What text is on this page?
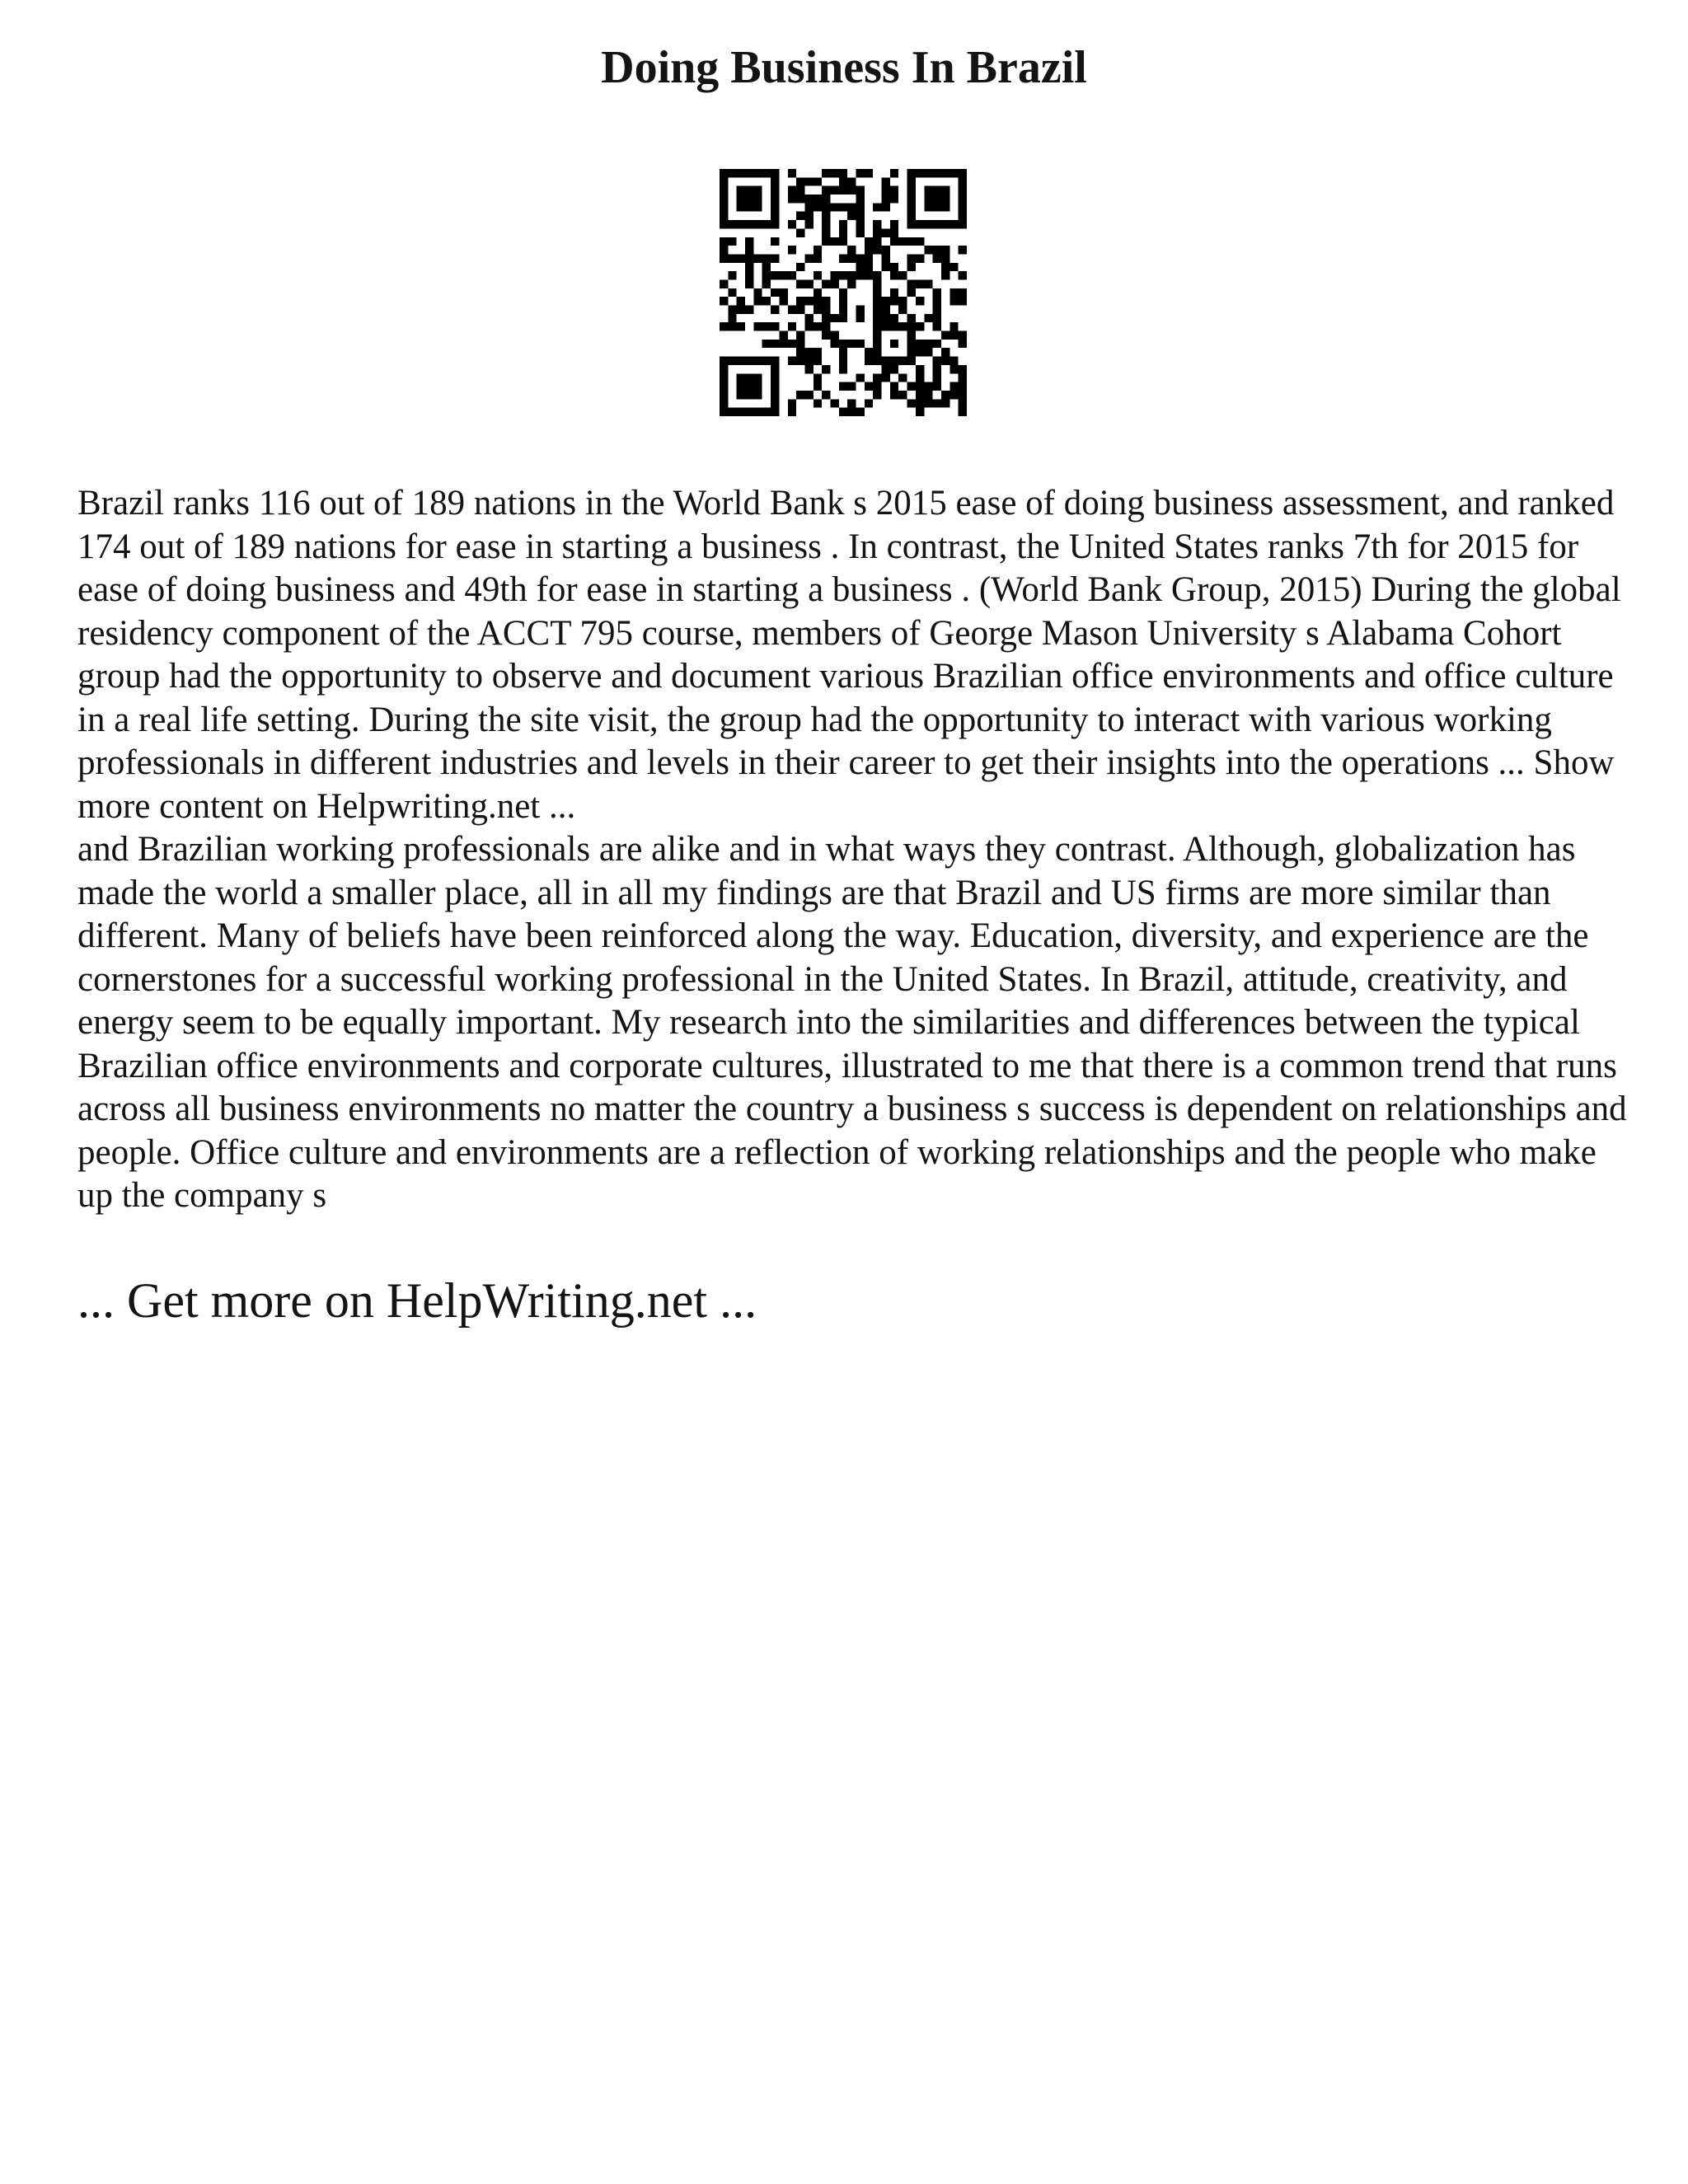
Doing Business In Brazil

Brazil ranks 116 out of 189 nations in the World Bank s 2015 ease of doing business assessment, and ranked 174 out of 189 nations for ease in starting a business . In contrast, the United States ranks 7th for 2015 for ease of doing business and 49th for ease in starting a business . (World Bank Group, 2015) During the global residency component of the ACCT 795 course, members of George Mason University s Alabama Cohort group had the opportunity to observe and document various Brazilian office environments and office culture in a real life setting. During the site visit, the group had the opportunity to interact with various working professionals in different industries and levels in their career to get their insights into the operations ... Show more content on Helpwriting.net ...

and Brazilian working professionals are alike and in what ways they contrast. Although, globalization has made the world a smaller place, all in all my findings are that Brazil and US firms are more similar than different. Many of beliefs have been reinforced along the way. Education, diversity, and experience are the cornerstones for a successful working professional in the United States. In Brazil, attitude, creativity, and energy seem to be equally important. My research into the similarities and differences between the typical Brazilian office environments and corporate cultures, illustrated to me that there is a common trend that runs across all business environments no matter the country a business s success is dependent on relationships and people. Office culture and environments are a reflection of working relationships and the people who make up the company s

... Get more on HelpWriting.net ...
